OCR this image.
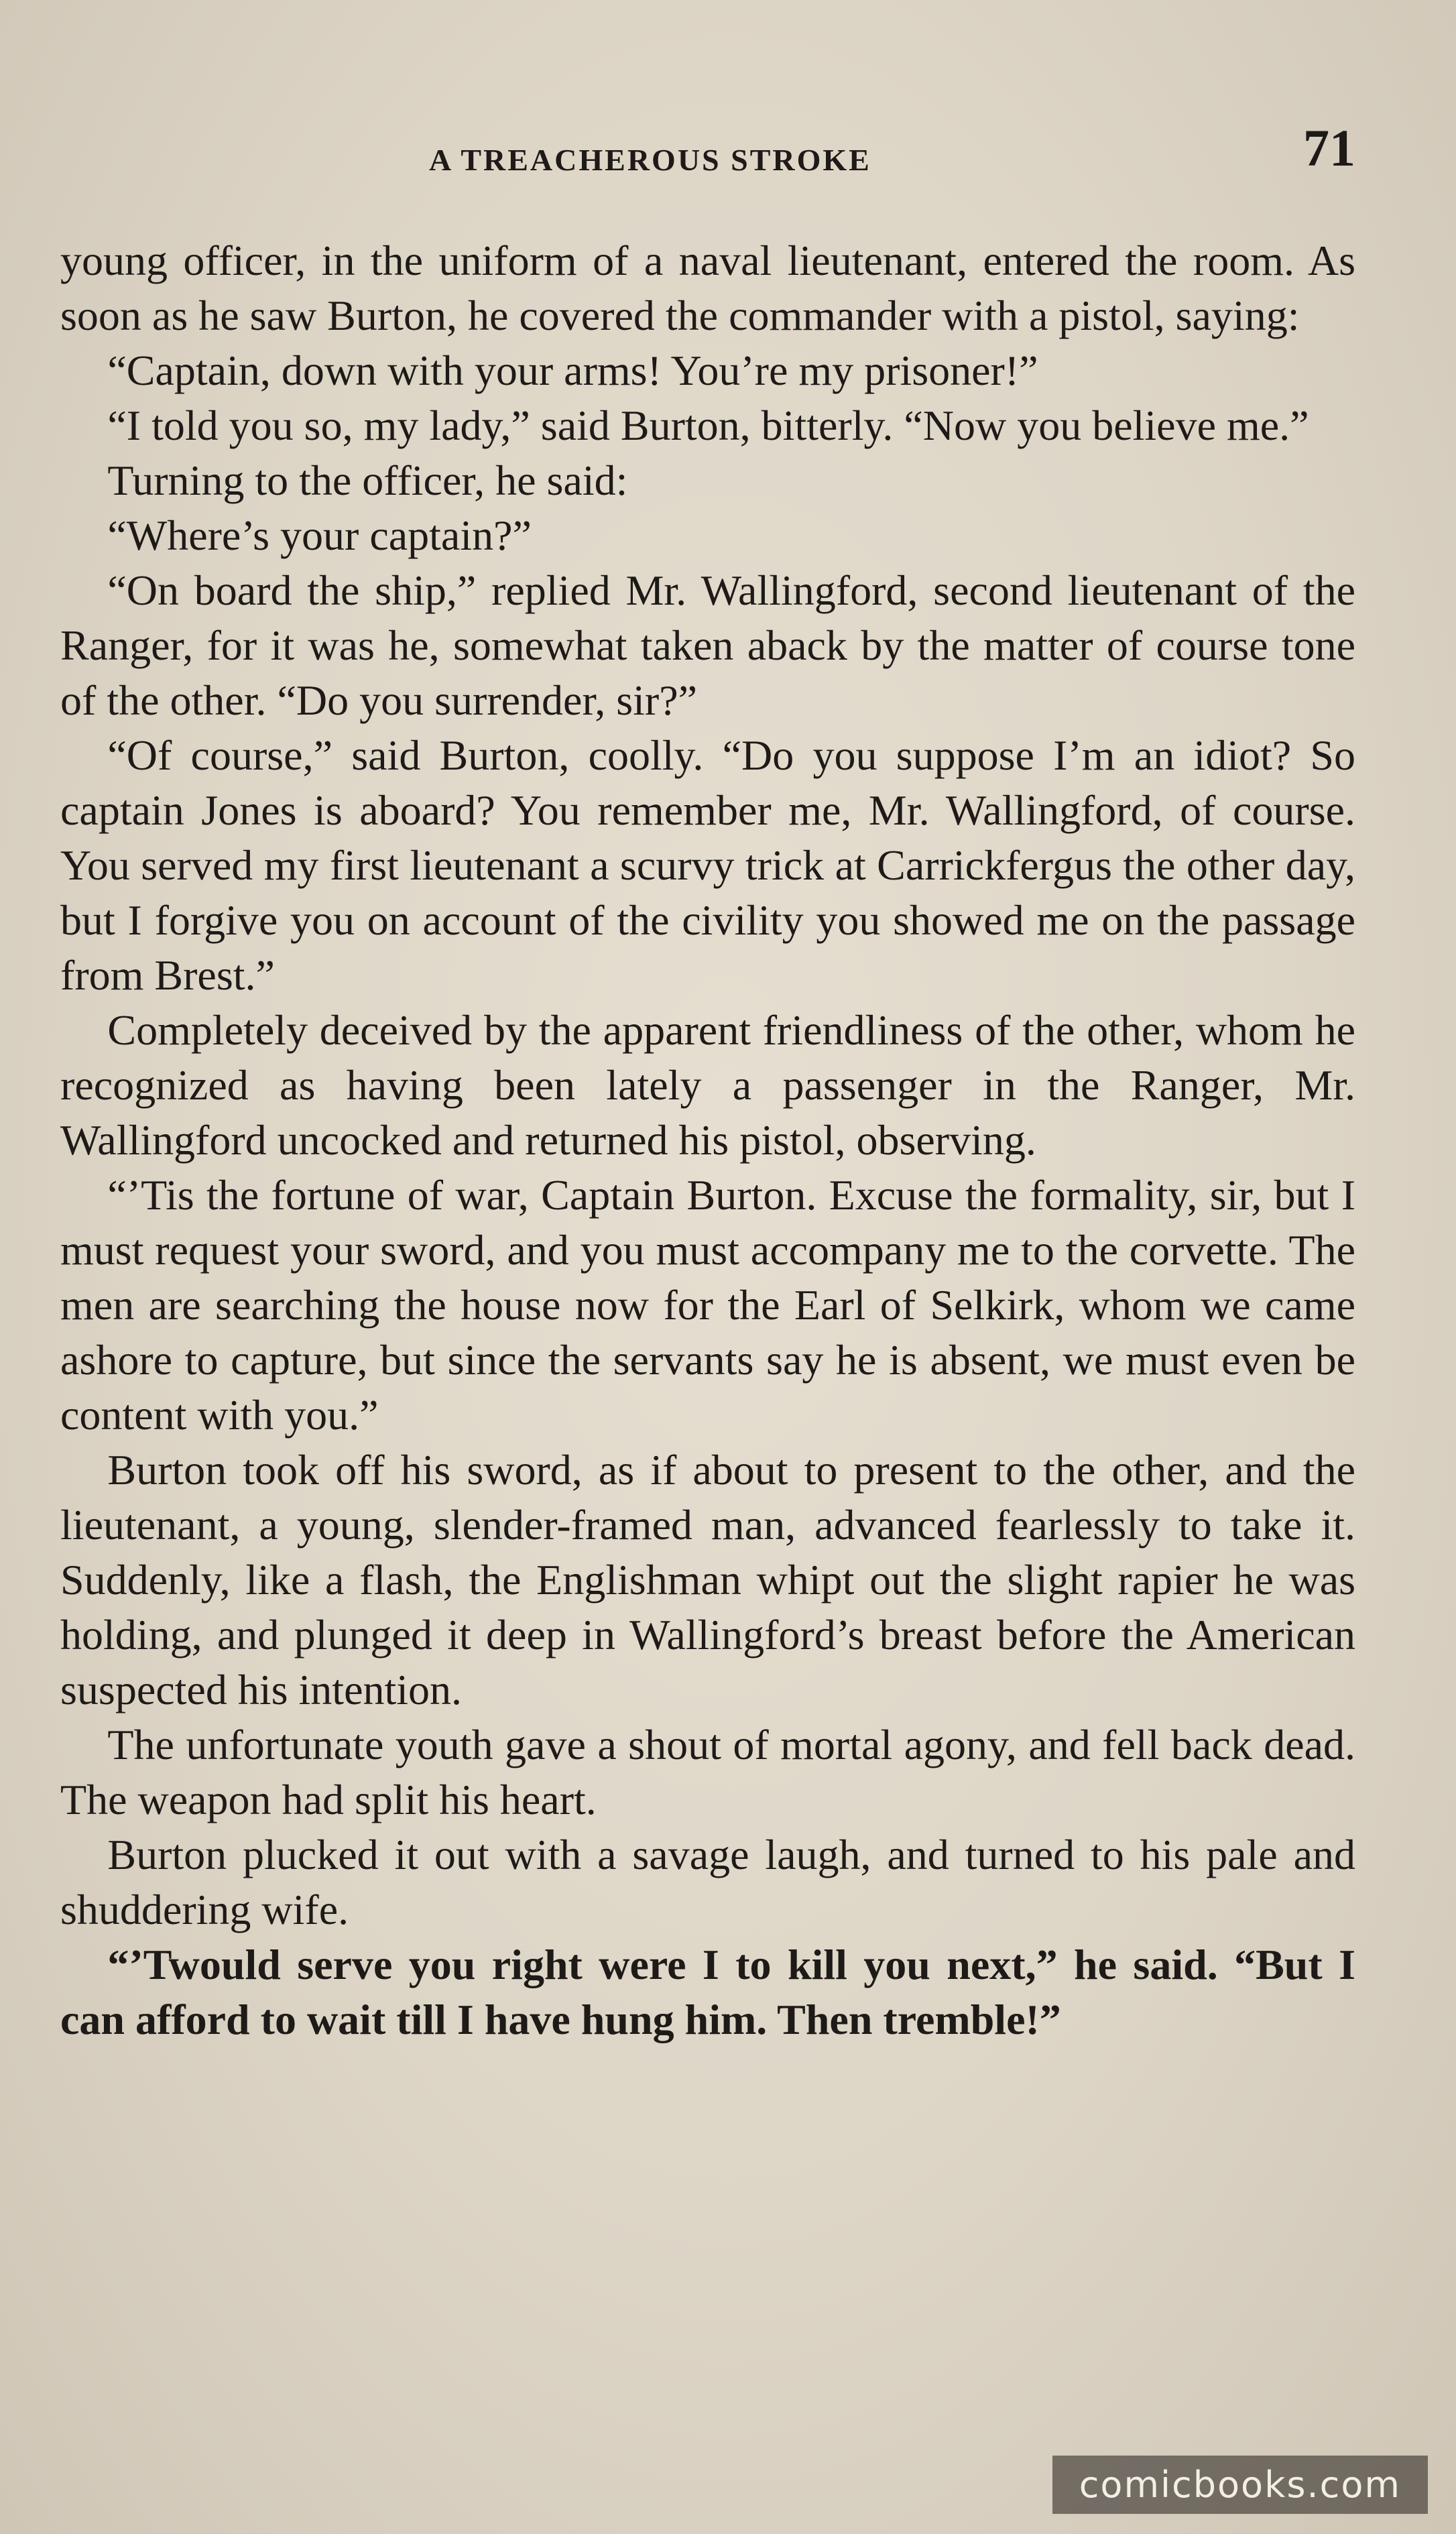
A TREACHEROUS STROKE	71

young officer, in the uniform of a naval lieutenant, entered the room. As soon as he saw Burton, he covered the commander with a pistol, saying:

“Captain, down with your arms! You’re my prisoner!”

“I told you so, my lady,” said Burton, bitterly. “Now you believe me.”

Turning to the officer, he said:

“Where’s your captain?”

“On board the ship,” replied Mr. Wallingford, second lieutenant of the Ranger, for it was he, somewhat taken aback by the matter of course tone of the other. “Do you surrender, sir?”

“Of course,” said Burton, coolly. “Do you suppose I’m an idiot? So captain Jones is aboard? You remember me, Mr. Wallingford, of course. You served my first lieutenant a scurvy trick at Carrickfergus the other day, but I forgive you on account of the civility you showed me on the passage from Brest.”

Completely deceived by the apparent friendliness of the other, whom he recognized as having been lately a passenger in the Ranger, Mr. Wallingford uncocked and returned his pistol, observing.

“’Tis the fortune of war, Captain Burton. Excuse the formality, sir, but I must request your sword, and you must accompany me to the corvette. The men are searching the house now for the Earl of Selkirk, whom we came ashore to capture, but since the servants say he is absent, we must even be content with you.”

Burton took off his sword, as if about to present to the other, and the lieutenant, a young, slender-framed man, advanced fearlessly to take it. Suddenly, like a flash, the Englishman whipt out the slight rapier he was holding, and plunged it deep in Wallingford’s breast before the American suspected his intention.

The unfortunate youth gave a shout of mortal agony, and fell back dead. The weapon had split his heart.

Burton plucked it out with a savage laugh, and turned to his pale and shuddering wife.

“’Twould serve you right were I to kill you next,” he said. “But I can afford to wait till I have hung him. Then tremble!”

comicbooks.com
